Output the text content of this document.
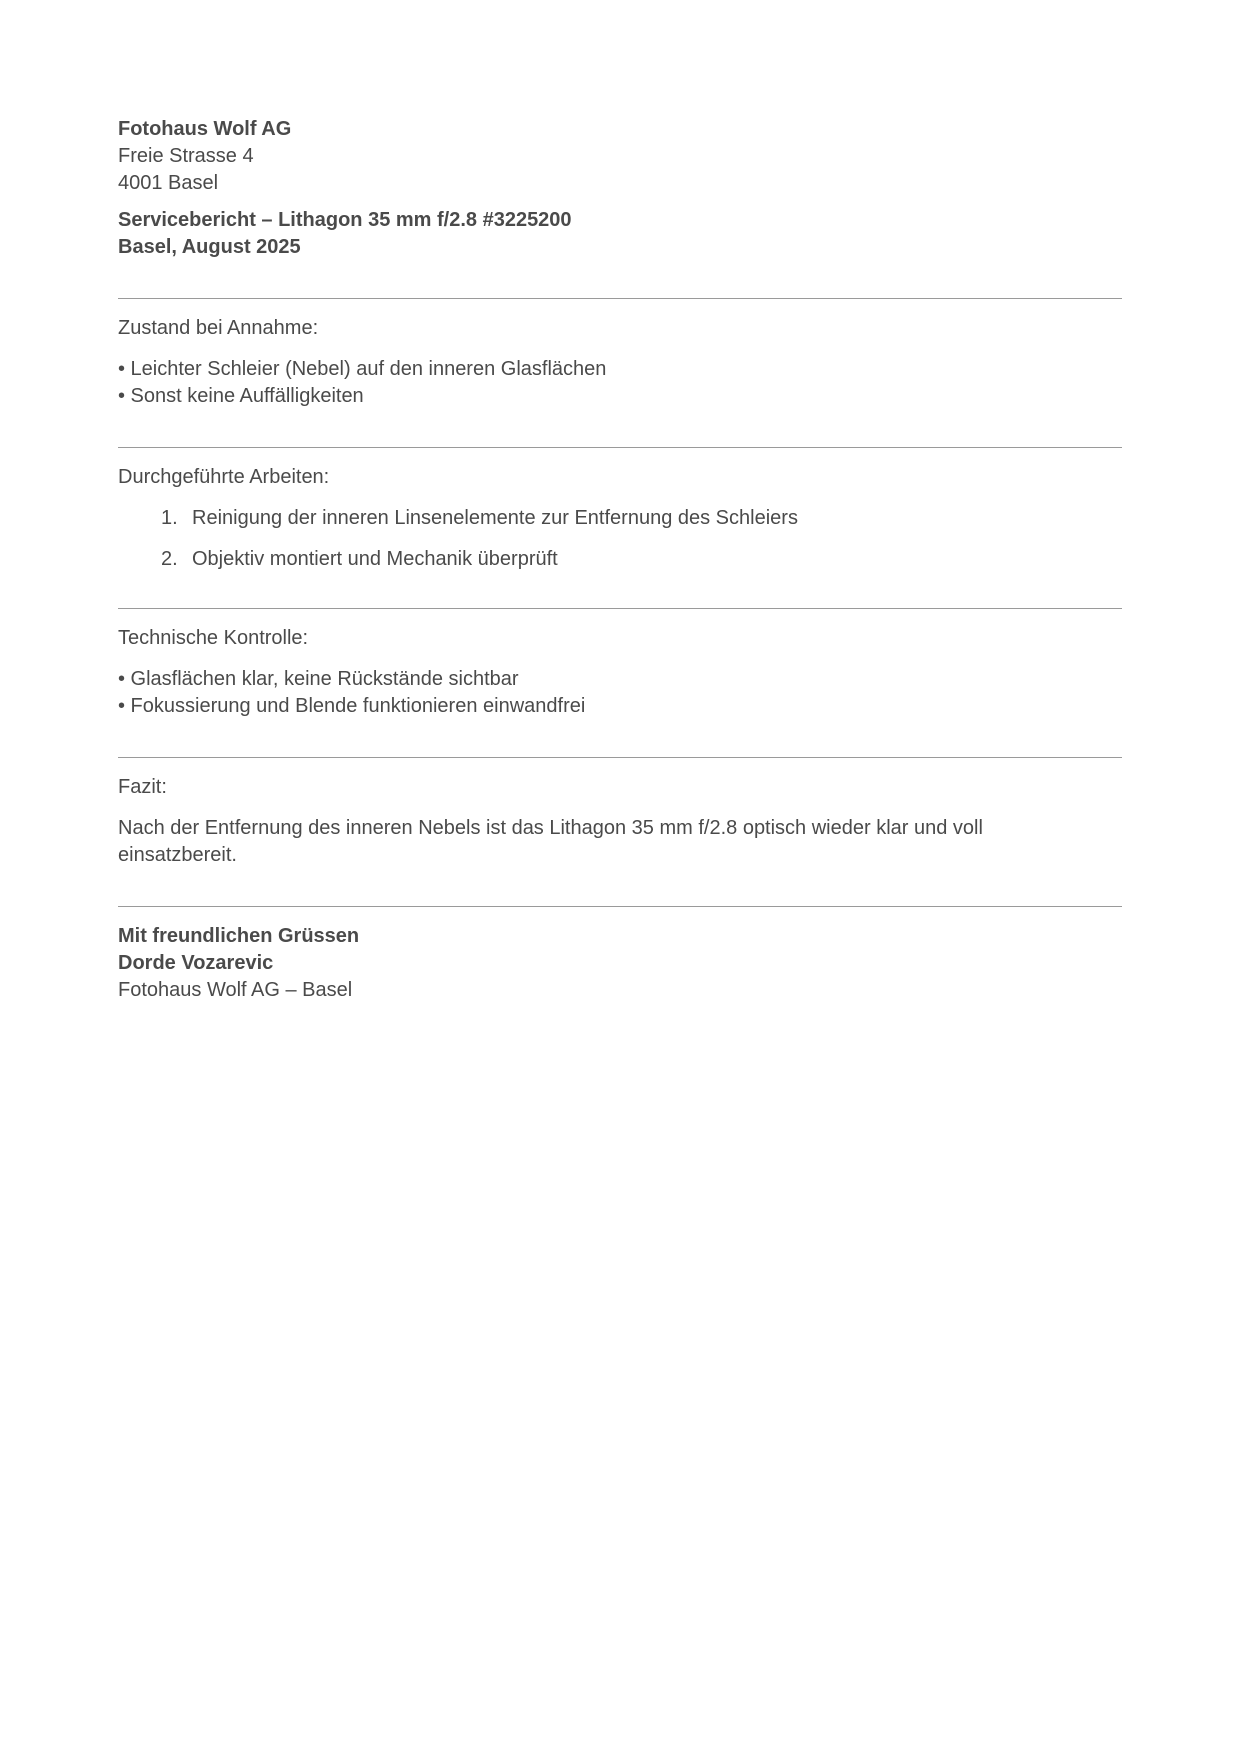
Fotohaus Wolf AG
Freie Strasse 4
4001 Basel
Servicebericht – Lithagon 35 mm f/2.8 #3225200
Basel, August 2025
Zustand bei Annahme:
• Leichter Schleier (Nebel) auf den inneren Glasflächen
• Sonst keine Auffälligkeiten
Durchgeführte Arbeiten:
1. Reinigung der inneren Linsenelemente zur Entfernung des Schleiers
2. Objektiv montiert und Mechanik überprüft
Technische Kontrolle:
• Glasflächen klar, keine Rückstände sichtbar
• Fokussierung und Blende funktionieren einwandfrei
Fazit:
Nach der Entfernung des inneren Nebels ist das Lithagon 35 mm f/2.8 optisch wieder klar und voll einsatzbereit.
Mit freundlichen Grüssen
Dorde Vozarevic
Fotohaus Wolf AG – Basel
